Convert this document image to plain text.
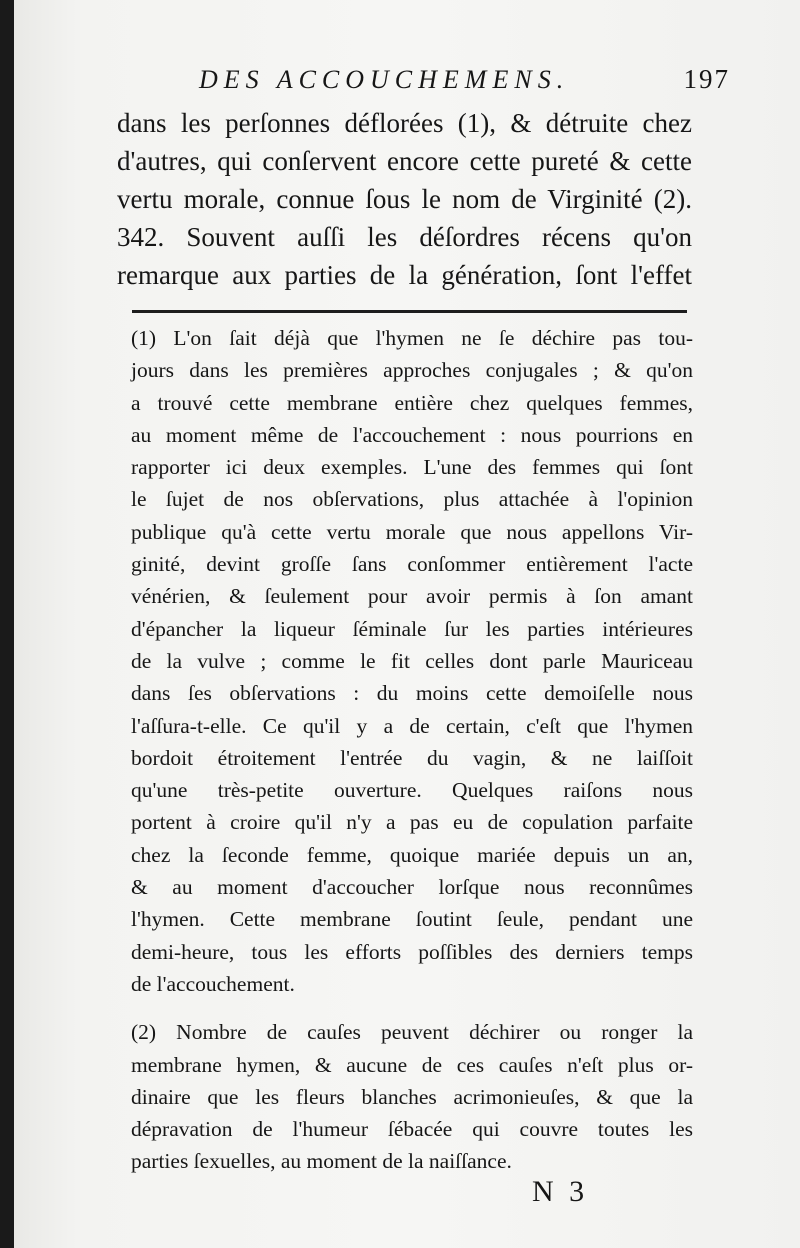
DES ACCOUCHEMENS.	197
dans les perſonnes déflorées (1), & détruite chez
d'autres, qui conſervent encore cette pureté & cette
vertu morale, connue ſous le nom de Virginité (2).
342. Souvent auſſi les déſordres récens qu'on
remarque aux parties de la génération, ſont l'effet
(1) L'on ſait déjà que l'hymen ne ſe déchire pas tou-
jours dans les premières approches conjugales ; & qu'on
a trouvé cette membrane entière chez quelques femmes,
au moment même de l'accouchement : nous pourrions en
rapporter ici deux exemples. L'une des femmes qui ſont
le ſujet de nos obſervations, plus attachée à l'opinion
publique qu'à cette vertu morale que nous appellons Vir-
ginité, devint groſſe ſans conſommer entièrement l'acte
vénérien, & ſeulement pour avoir permis à ſon amant
d'épancher la liqueur ſéminale ſur les parties intérieures
de la vulve ; comme le fit celles dont parle Mauriceau
dans ſes obſervations : du moins cette demoiſelle nous
l'aſſura-t-elle. Ce qu'il y a de certain, c'eſt que l'hymen
bordoit étroitement l'entrée du vagin, & ne laiſſoit
qu'une très-petite ouverture. Quelques raiſons nous
portent à croire qu'il n'y a pas eu de copulation parfaite
chez la ſeconde femme, quoique mariée depuis un an,
& au moment d'accoucher lorſque nous reconnûmes
l'hymen. Cette membrane ſoutint ſeule, pendant une
demi-heure, tous les efforts poſſibles des derniers temps
de l'accouchement.
(2) Nombre de cauſes peuvent déchirer ou ronger la
membrane hymen, & aucune de ces cauſes n'eſt plus or-
dinaire que les fleurs blanches acrimonieuſes, & que la
dépravation de l'humeur ſébacée qui couvre toutes les
parties ſexuelles, au moment de la naiſſance.
N 3
